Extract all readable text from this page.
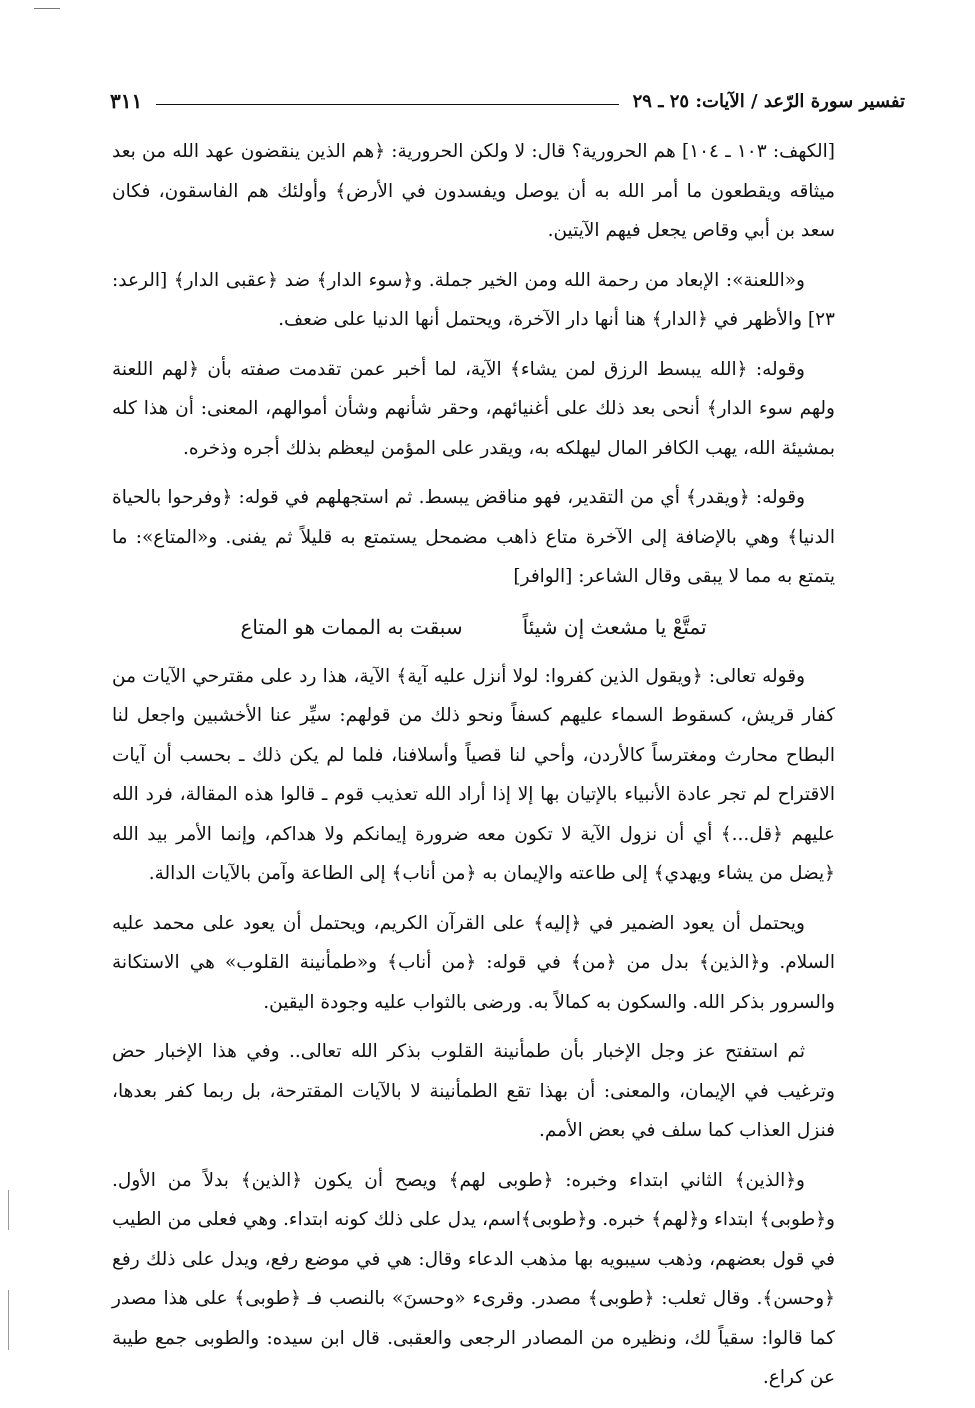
تفسير سورة الرّعد / الآيات: ٢٥ ـ ٢٩
٣١١

[الكهف: ١٠٣ ـ ١٠٤] هم الحرورية؟ قال: لا ولكن الحرورية: ﴿هم الذين ينقضون عهد الله من بعد ميثاقه ويقطعون ما أمر الله به أن يوصل ويفسدون في الأرض﴾ وأولئك هم الفاسقون، فكان سعد بن أبي وقاص يجعل فيهم الآيتين.

و«اللعنة»: الإبعاد من رحمة الله ومن الخير جملة. و﴿سوء الدار﴾ ضد ﴿عقبى الدار﴾ [الرعد: ٢٣] والأظهر في ﴿الدار﴾ هنا أنها دار الآخرة، ويحتمل أنها الدنيا على ضعف.

وقوله: ﴿الله يبسط الرزق لمن يشاء﴾ الآية، لما أخبر عمن تقدمت صفته بأن ﴿لهم اللعنة ولهم سوء الدار﴾ أنحى بعد ذلك على أغنيائهم، وحقر شأنهم وشأن أموالهم، المعنى: أن هذا كله بمشيئة الله، يهب الكافر المال ليهلكه به، ويقدر على المؤمن ليعظم بذلك أجره وذخره.

وقوله: ﴿ويقدر﴾ أي من التقدير، فهو مناقض يبسط. ثم استجهلهم في قوله: ﴿وفرحوا بالحياة الدنيا﴾ وهي بالإضافة إلى الآخرة متاع ذاهب مضمحل يستمتع به قليلاً ثم يفنى. و«المتاع»: ما يتمتع به مما لا يبقى وقال الشاعر: [الوافر]

تمتَّعْ يا مشعث إن شيئاً
سبقت به الممات هو المتاع

وقوله تعالى: ﴿ويقول الذين كفروا: لولا أنزل عليه آية﴾ الآية، هذا رد على مقترحي الآيات من كفار قريش، كسقوط السماء عليهم كسفاً ونحو ذلك من قولهم: سيِّر عنا الأخشبين واجعل لنا البطاح محارث ومغترساً كالأردن، وأحي لنا قصياً وأسلافنا، فلما لم يكن ذلك ـ بحسب أن آيات الاقتراح لم تجر عادة الأنبياء بالإتيان بها إلا إذا أراد الله تعذيب قوم ـ قالوا هذه المقالة، فرد الله عليهم ﴿قل...﴾ أي أن نزول الآية لا تكون معه ضرورة إيمانكم ولا هداكم، وإنما الأمر بيد الله ﴿يضل من يشاء ويهدي﴾ إلى طاعته والإيمان به ﴿من أناب﴾ إلى الطاعة وآمن بالآيات الدالة.

ويحتمل أن يعود الضمير في ﴿إليه﴾ على القرآن الكريم، ويحتمل أن يعود على محمد عليه السلام. و﴿الذين﴾ بدل من ﴿من﴾ في قوله: ﴿من أناب﴾ و«طمأنينة القلوب» هي الاستكانة والسرور بذكر الله. والسكون به كمالاً به. ورضى بالثواب عليه وجودة اليقين.

ثم استفتح عز وجل الإخبار بأن طمأنينة القلوب بذكر الله تعالى.. وفي هذا الإخبار حض وترغيب في الإيمان، والمعنى: أن بهذا تقع الطمأنينة لا بالآيات المقترحة، بل ربما كفر بعدها، فنزل العذاب كما سلف في بعض الأمم.

و﴿الذين﴾ الثاني ابتداء وخبره: ﴿طوبى لهم﴾ ويصح أن يكون ﴿الذين﴾ بدلاً من الأول. و﴿طوبى﴾ ابتداء و﴿لهم﴾ خبره. و﴿طوبى﴾اسم، يدل على ذلك كونه ابتداء. وهي فعلى من الطيب في قول بعضهم، وذهب سيبويه بها مذهب الدعاء وقال: هي في موضع رفع، ويدل على ذلك رفع ﴿وحسن﴾. وقال ثعلب: ﴿طوبى﴾ مصدر. وقرىء «وحسنَ» بالنصب فـ ﴿طوبى﴾ على هذا مصدر كما قالوا: سقياً لك، ونظيره من المصادر الرجعى والعقبى. قال ابن سيده: والطوبى جمع طيبة عن كراع.
